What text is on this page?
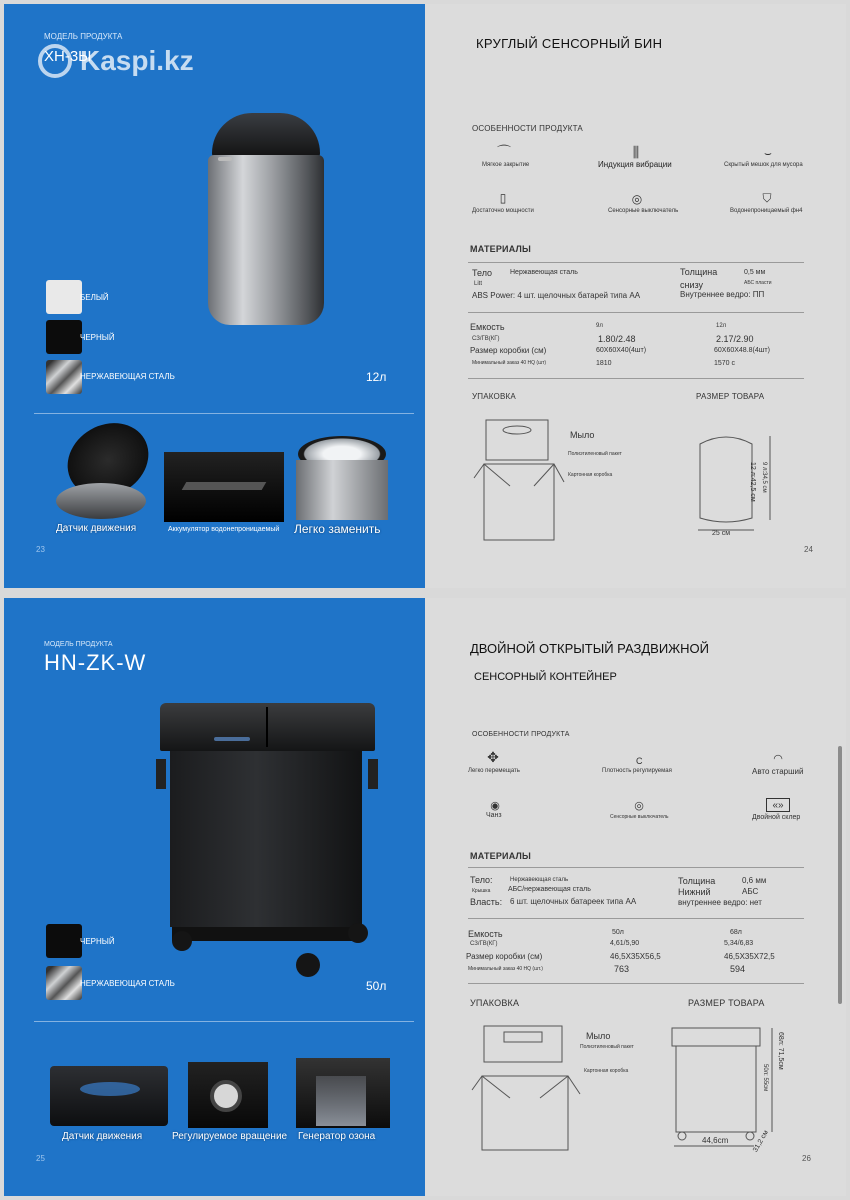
Kaspi.kz
МОДЕЛЬ ПРОДУКТА
XH-3Ы
БЕЛЫЙ
ЧЕРНЫЙ
НЕРЖАВЕЮЩАЯ СТАЛЬ	12л
Датчик движения	Аккумулятор водонепроницаемый Легко заменить
23
КРУГЛЫЙ СЕНСОРНЫЙ БИН
ОСОБЕННОСТИ ПРОДУКТА
⌒
Мягкое закрытие
⫼
Индукция вибрации
⌣
Скрытый мешок для мусора
▯
Достаточно мощности
◎
Сенсорные выключатель
⛉
Водонепроницаемый фн4
МАТЕРИАЛЫ
Тело	Нержавеющая сталь	Толщина	0,5 мм
Litt	АБС пласти
снизу
ABS Power: 4 шт. щелочных батарей типа АА	Внутреннее ведро: ПП
Емкость	9л	12л
СЗ/ГВ(КГ)	1.80/2.48	2.17/2.90
Размер коробки (см)	60X60X40(4шт)	60X60X48.8(4шт)
Минимальный заказ 40 HQ (шт)	1810	1570 с
УПАКОВКА	РАЗМЕР ТОВАРА
Мыло
Полиэтиленовый пакет
Картонная коробка	12 л:42,5 см 9 л:34,5 см
25 см
24
МОДЕЛЬ ПРОДУКТА
HN-ZK-W
ЧЕРНЫЙ
НЕРЖАВЕЮЩАЯ СТАЛЬ	50л
Датчик движения	Регулируемое вращение Генератор озона
25
ДВОЙНОЙ ОТКРЫТЫЙ РАЗДВИЖНОЙ
СЕНСОРНЫЙ КОНТЕЙНЕР
ОСОБЕННОСТИ ПРОДУКТА
✥
Легко перемещать
C
Плотность регулируемая
◠
Авто старший
◉
Чанз
◎
Сенсорные выключатель
«»
Двойной склер
МАТЕРИАЛЫ
Тело:	Нержавеющая сталь	Толщина	0,6 мм
Крышка	АБС/нержавеющая сталь	Нижний	АБС
Власть: 6 шт. щелочных батареек типа АА	внутреннее ведро: нет
Емкость	50л	68л
СЗ/ГВ(КГ)	4,61/5,90	5,34/6,83
Размер коробки (см)	46,5X35X56,5	46,5X35X72,5
Минимальный заказ 40 HQ (шт.)	763	594
УПАКОВКА	РАЗМЕР ТОВАРА
Мыло
Полиэтиленовый пакет
Картонная коробка
68л: 71,5см
50л: 55см
44,6cm	31,2 см
26
